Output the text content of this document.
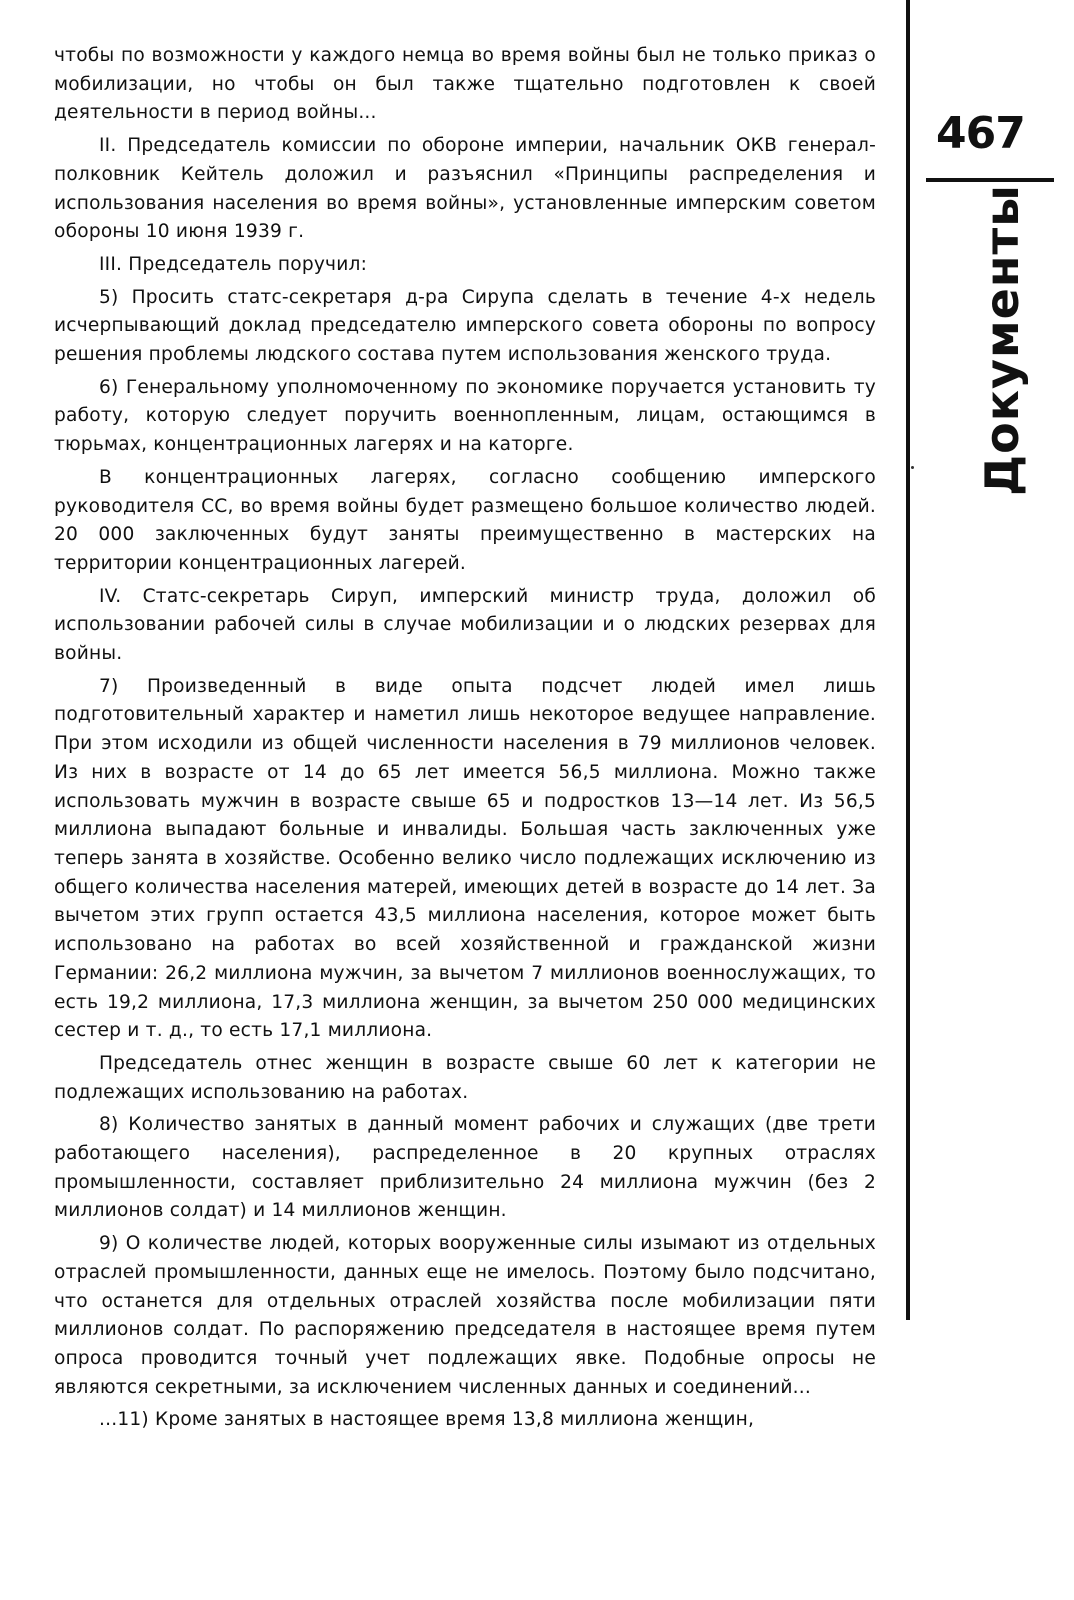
чтобы по возможности у каждого немца во время войны был не только приказ о мобилизации, но чтобы он был также тщательно подготовлен к своей деятельности в период войны...

II. Председатель комиссии по обороне империи, начальник ОКВ генерал-полковник Кейтель доложил и разъяснил «Принципы распределения и использования населения во время войны», установленные имперским советом обороны 10 июня 1939 г.

III. Председатель поручил:

5) Просить статс-секретаря д-ра Сирупа сделать в течение 4-х недель исчерпывающий доклад председателю имперского совета обороны по вопросу решения проблемы людского состава путем использования женского труда.

6) Генеральному уполномоченному по экономике поручается установить ту работу, которую следует поручить военнопленным, лицам, остающимся в тюрьмах, концентрационных лагерях и на каторге.

В концентрационных лагерях, согласно сообщению имперского руководителя СС, во время войны будет размещено большое количество людей. 20 000 заключенных будут заняты преимущественно в мастерских на территории концентрационных лагерей.

IV. Статс-секретарь Сируп, имперский министр труда, доложил об использовании рабочей силы в случае мобилизации и о людских резервах для войны.

7) Произведенный в виде опыта подсчет людей имел лишь подготовительный характер и наметил лишь некоторое ведущее направление. При этом исходили из общей численности населения в 79 миллионов человек. Из них в возрасте от 14 до 65 лет имеется 56,5 миллиона. Можно также использовать мужчин в возрасте свыше 65 и подростков 13—14 лет. Из 56,5 миллиона выпадают больные и инвалиды. Большая часть заключенных уже теперь занята в хозяйстве. Особенно велико число подлежащих исключению из общего количества населения матерей, имеющих детей в возрасте до 14 лет. За вычетом этих групп остается 43,5 миллиона населения, которое может быть использовано на работах во всей хозяйственной и гражданской жизни Германии: 26,2 миллиона мужчин, за вычетом 7 миллионов военнослужащих, то есть 19,2 миллиона, 17,3 миллиона женщин, за вычетом 250 000 медицинских сестер и т. д., то есть 17,1 миллиона.

Председатель отнес женщин в возрасте свыше 60 лет к категории не подлежащих использованию на работах.

8) Количество занятых в данный момент рабочих и служащих (две трети работающего населения), распределенное в 20 крупных отраслях промышленности, составляет приблизительно 24 миллиона мужчин (без 2 миллионов солдат) и 14 миллионов женщин.

9) О количестве людей, которых вооруженные силы изымают из отдельных отраслей промышленности, данных еще не имелось. Поэтому было подсчитано, что останется для отдельных отраслей хозяйства после мобилизации пяти миллионов солдат. По распоряжению председателя в настоящее время путем опроса проводится точный учет подлежащих явке. Подобные опросы не являются секретными, за исключением численных данных и соединений...

...11) Кроме занятых в настоящее время 13,8 миллиона женщин,

467
Документы
